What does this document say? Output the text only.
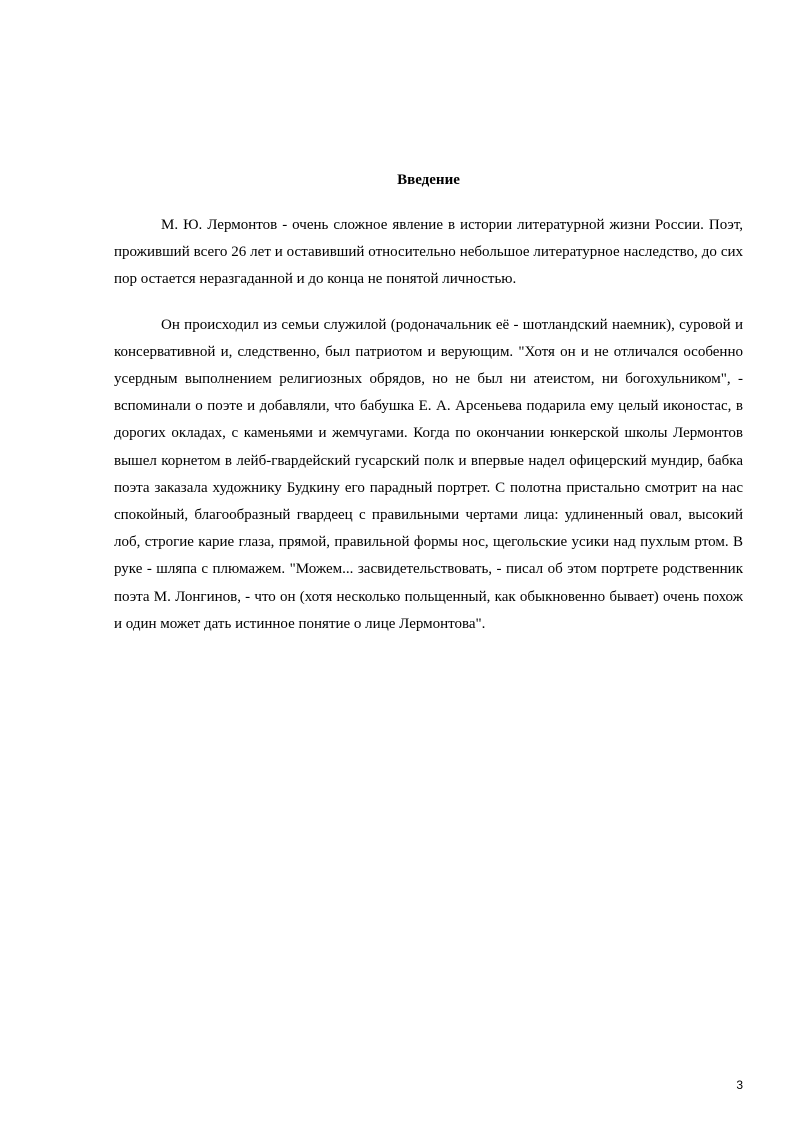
Введение

М. Ю. Лермонтов - очень сложное явление в истории литературной жизни России. Поэт, проживший всего 26 лет и оставивший относительно небольшое литературное наследство, до сих пор остается неразгаданной и до конца не понятой личностью.

Он происходил из семьи служилой (родоначальник её - шотландский наемник), суровой и консервативной и, следственно, был патриотом и верующим. "Хотя он и не отличался особенно усердным выполнением религиозных обрядов, но не был ни атеистом, ни богохульником", - вспоминали о поэте и добавляли, что бабушка Е. А. Арсеньева подарила ему целый иконостас, в дорогих окладах, с каменьями и жемчугами. Когда по окончании юнкерской школы Лермонтов вышел корнетом в лейб-гвардейский гусарский полк и впервые надел офицерский мундир, бабка поэта заказала художнику Будкину его парадный портрет. С полотна пристально смотрит на нас спокойный, благообразный гвардеец с правильными чертами лица: удлиненный овал, высокий лоб, строгие карие глаза, прямой, правильной формы нос, щегольские усики над пухлым ртом. В руке - шляпа с плюмажем. "Можем... засвидетельствовать, - писал об этом портрете родственник поэта М. Лонгинов, - что он (хотя несколько польщенный, как обыкновенно бывает) очень похож и один может дать истинное понятие о лице Лермонтова".

3
